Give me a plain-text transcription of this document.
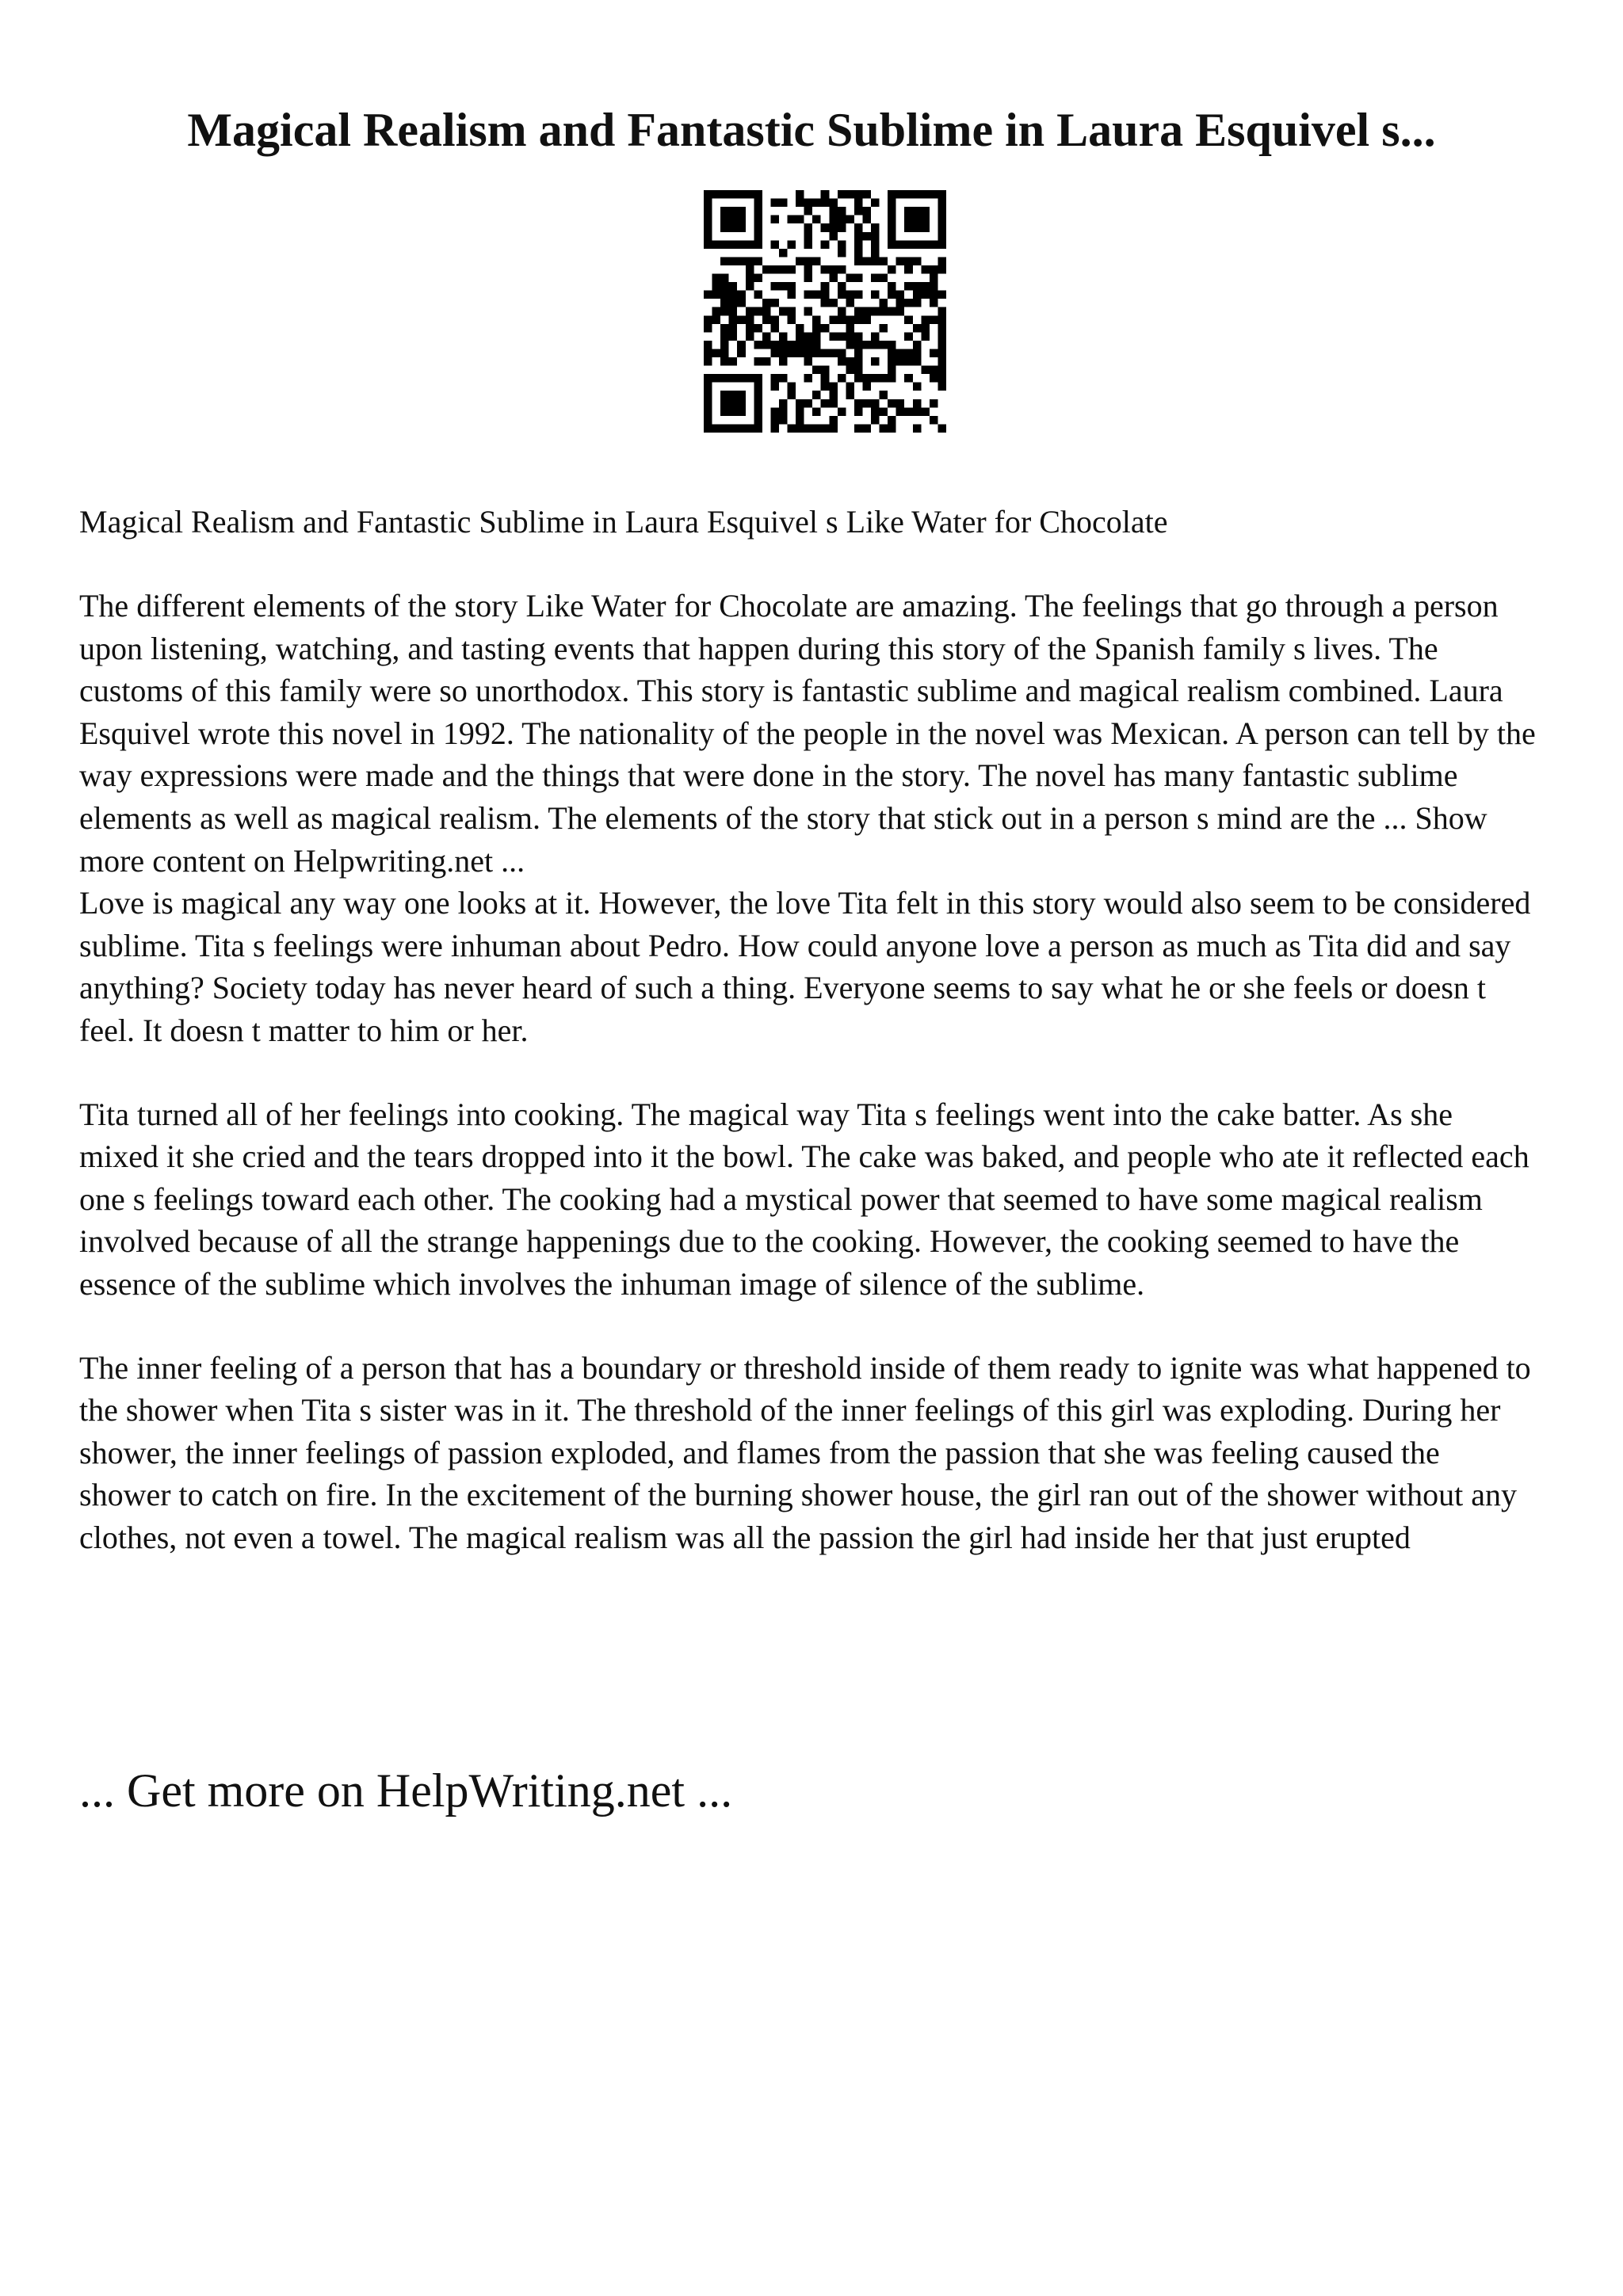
Magical Realism and Fantastic Sublime in Laura Esquivel s...

Magical Realism and Fantastic Sublime in Laura Esquivel s Like Water for Chocolate

The different elements of the story Like Water for Chocolate are amazing. The feelings that go through a person upon listening, watching, and tasting events that happen during this story of the Spanish family s lives. The customs of this family were so unorthodox. This story is fantastic sublime and magical realism combined. Laura Esquivel wrote this novel in 1992. The nationality of the people in the novel was Mexican. A person can tell by the way expressions were made and the things that were done in the story. The novel has many fantastic sublime elements as well as magical realism. The elements of the story that stick out in a person s mind are the ... Show more content on Helpwriting.net ...

Love is magical any way one looks at it. However, the love Tita felt in this story would also seem to be considered sublime. Tita s feelings were inhuman about Pedro. How could anyone love a person as much as Tita did and say anything? Society today has never heard of such a thing. Everyone seems to say what he or she feels or doesn t feel. It doesn t matter to him or her.

Tita turned all of her feelings into cooking. The magical way Tita s feelings went into the cake batter. As she mixed it she cried and the tears dropped into it the bowl. The cake was baked, and people who ate it reflected each one s feelings toward each other. The cooking had a mystical power that seemed to have some magical realism involved because of all the strange happenings due to the cooking. However, the cooking seemed to have the essence of the sublime which involves the inhuman image of silence of the sublime.

The inner feeling of a person that has a boundary or threshold inside of them ready to ignite was what happened to the shower when Tita s sister was in it. The threshold of the inner feelings of this girl was exploding. During her shower, the inner feelings of passion exploded, and flames from the passion that she was feeling caused the shower to catch on fire. In the excitement of the burning shower house, the girl ran out of the shower without any clothes, not even a towel. The magical realism was all the passion the girl had inside her that just erupted

... Get more on HelpWriting.net ...
